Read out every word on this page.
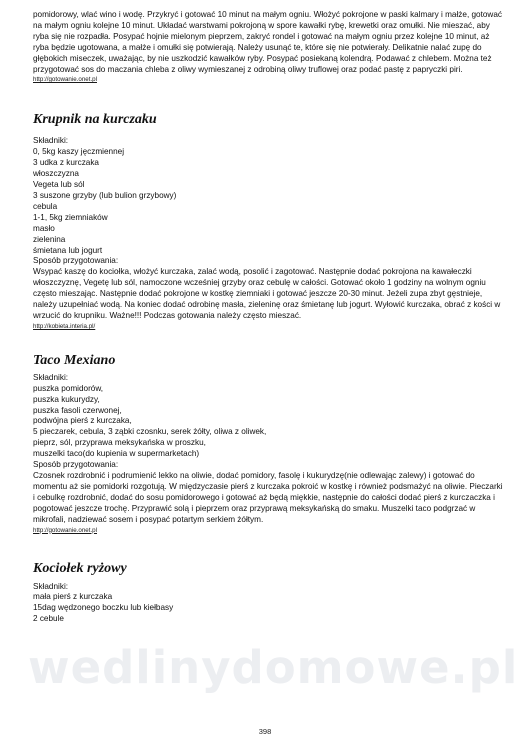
wedlinydomowe.pl

pomidorowy, wlać wino i wodę. Przykryć i gotować 10 minut na małym ogniu. Włożyć pokrojone w paski kalmary i małże, gotować na małym ogniu kolejne 10 minut. Układać warstwami pokrojoną w spore kawałki rybę, krewetki oraz omułki. Nie mieszać, aby ryba się nie rozpadła. Posypać hojnie mielonym pieprzem, zakryć rondel i gotować na małym ogniu przez kolejne 10 minut, aż ryba będzie ugotowana, a małże i omułki się potwierają. Należy usunąć te, które się nie potwierały. Delikatnie nalać zupę do głębokich miseczek, uważając, by nie uszkodzić kawałków ryby. Posypać posiekaną kolendrą. Podawać z chlebem. Można też przygotować sos do maczania chleba z oliwy wymieszanej z odrobiną oliwy truflowej oraz podać pastę z papryczki piri.

http://gotowanie.onet.pl
Krupnik na kurczaku
Składniki:
0, 5kg kaszy jęczmiennej
3 udka z kurczaka
włoszczyzna
Vegeta lub sól
3 suszone grzyby (lub bulion grzybowy)
cebula
1-1, 5kg ziemniaków
masło
zielenina
śmietana lub jogurt
Sposób przygotowania:

Wsypać kaszę do kociołka, włożyć kurczaka, zalać wodą, posolić i zagotować. Następnie dodać pokrojona na kawałeczki włoszczyznę, Vegetę lub sól, namoczone wcześniej grzyby oraz cebulę w całości. Gotować około 1 godziny na wolnym ogniu często mieszając. Następnie dodać pokrojone w kostkę ziemniaki i gotować jeszcze 20-30 minut. Jeżeli zupa zbyt gęstnieje, należy uzupełniać wodą. Na koniec dodać odrobinę masła, zieleninę oraz śmietanę lub jogurt. Wyłowić kurczaka, obrać z kości w wrzucić do krupniku. Ważne!!! Podczas gotowania należy często mieszać.

http://kobieta.interia.pl/
Taco Mexiano
Składniki:
puszka pomidorów,
puszka kukurydzy,
puszka fasoli czerwonej,
podwójna pierś z kurczaka,
5 pieczarek, cebula, 3 ząbki czosnku, serek żółty, oliwa z oliwek,
pieprz, sól, przyprawa meksykańska w proszku,
muszelki taco(do kupienia w supermarketach)
Sposób przygotowania:

Czosnek rozdrobnić i podrumienić lekko na oliwie, dodać pomidory, fasolę i kukurydzę(nie odlewając zalewy) i gotować do momentu aż sie pomidorki rozgotują. W międzyczasie pierś z kurczaka pokroić w kostkę i również podsmażyć na oliwie. Pieczarki i cebulkę rozdrobnić, dodać do sosu pomidorowego i gotować aż będą miękkie, następnie do całości dodać pierś z kurczaczka i pogotować jeszcze trochę. Przyprawić solą i pieprzem oraz przyprawą meksykańską do smaku. Muszelki taco podgrzać w mikrofali, nadziewać sosem i posypać potartym serkiem żółtym.

http://gotowanie.onet.pl
Kociołek ryżowy
Składniki:
mała pierś z kurczaka
15dag wędzonego boczku lub kiełbasy
2 cebule
398
